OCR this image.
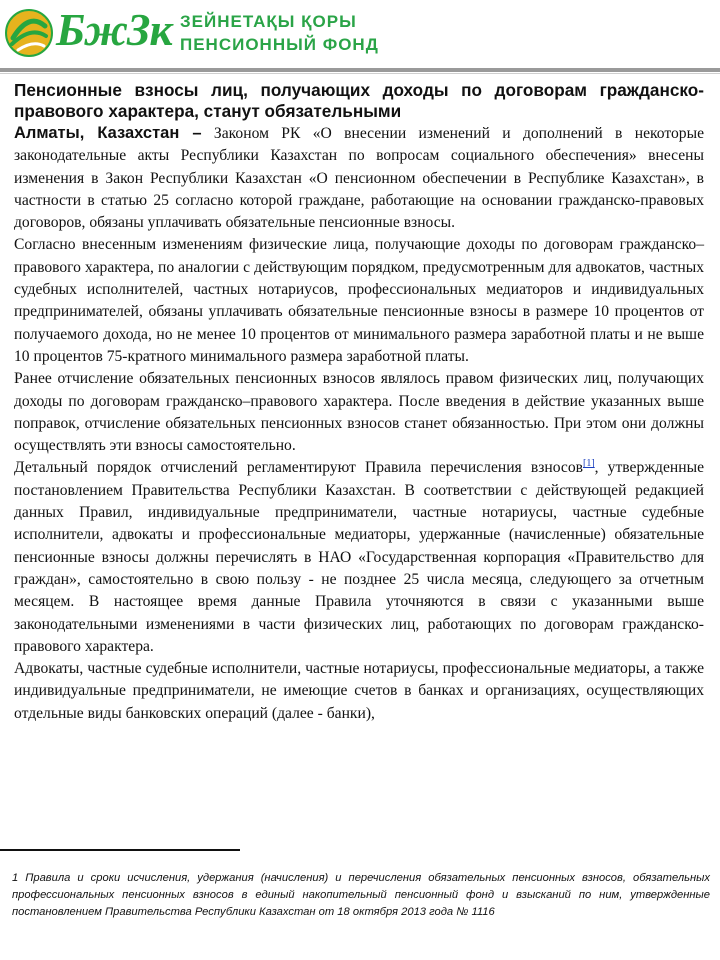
БжЗк ЗЕЙНЕТАҚЫ ҚОРЫ
ПЕНСИОННЫЙ ФОНД
Пенсионные взносы лиц, получающих доходы по договорам гражданско-правового характера, станут обязательными

Алматы, Казахстан – Законом РК «О внесении изменений и дополнений в некоторые законодательные акты Республики Казахстан по вопросам социального обеспечения» внесены изменения в Закон Республики Казахстан «О пенсионном обеспечении в Республике Казахстан», в частности в статью 25 согласно которой граждане, работающие на основании гражданско-правовых договоров, обязаны уплачивать обязательные пенсионные взносы.

Согласно внесенным изменениям физические лица, получающие доходы по договорам гражданско–правового характера, по аналогии с действующим порядком, предусмотренным для адвокатов, частных судебных исполнителей, частных нотариусов, профессиональных медиаторов и индивидуальных предпринимателей, обязаны уплачивать обязательные пенсионные взносы в размере 10 процентов от получаемого дохода, но не менее 10 процентов от минимального размера заработной платы и не выше 10 процентов 75-кратного минимального размера заработной платы.

Ранее отчисление обязательных пенсионных взносов являлось правом физических лиц, получающих доходы по договорам гражданско–правового характера. После введения в действие указанных выше поправок, отчисление обязательных пенсионных взносов станет обязанностью. При этом они должны осуществлять эти взносы самостоятельно.

Детальный порядок отчислений регламентируют Правила перечисления взносов[1], утвержденные постановлением Правительства Республики Казахстан. В соответствии с действующей редакцией данных Правил, индивидуальные предприниматели, частные нотариусы, частные судебные исполнители, адвокаты и профессиональные медиаторы, удержанные (начисленные) обязательные пенсионные взносы должны перечислять в НАО «Государственная корпорация «Правительство для граждан», самостоятельно в свою пользу - не позднее 25 числа месяца, следующего за отчетным месяцем. В настоящее время данные Правила уточняются в связи с указанными выше законодательными изменениями в части физических лиц, работающих по договорам гражданско-правового характера.

Адвокаты, частные судебные исполнители, частные нотариусы, профессиональные медиаторы, а также индивидуальные предприниматели, не имеющие счетов в банках и организациях, осуществляющих отдельные виды банковских операций (далее - банки),

1 Правила и сроки исчисления, удержания (начисления) и перечисления обязательных пенсионных взносов, обязательных профессиональных пенсионных взносов в единый накопительный пенсионный фонд и взысканий по ним, утвержденные постановлением Правительства Республики Казахстан от 18 октября 2013 года № 1116
